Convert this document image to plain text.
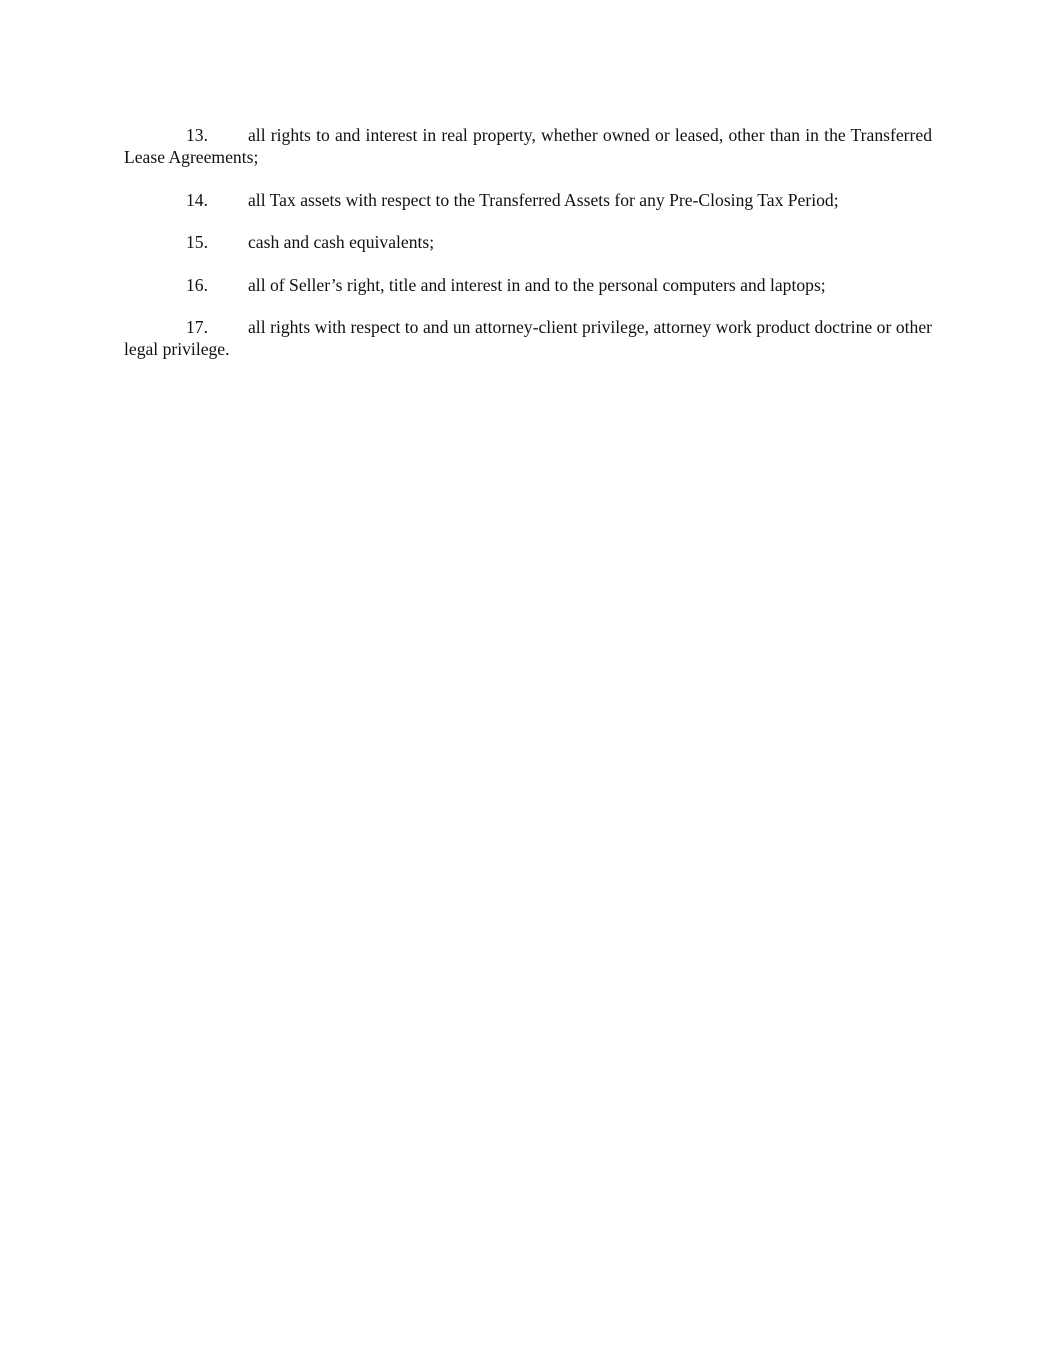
13. all rights to and interest in real property, whether owned or leased, other than in the Transferred Lease Agreements;

14. all Tax assets with respect to the Transferred Assets for any Pre-Closing Tax Period;

15. cash and cash equivalents;

16. all of Seller’s right, title and interest in and to the personal computers and laptops;

17. all rights with respect to and un attorney-client privilege, attorney work product doctrine or other legal privilege.
